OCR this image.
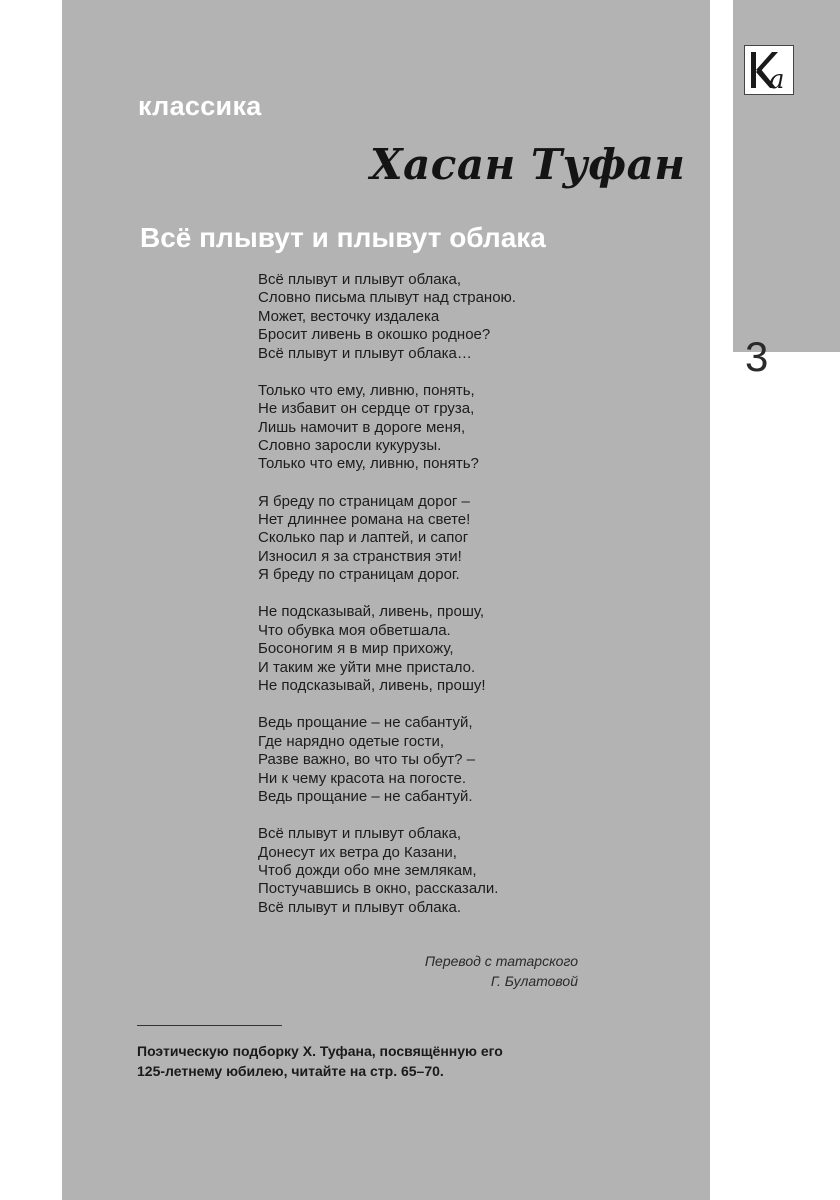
a
3
классика
Хасан Туфан
Всё плывут и плывут облака
Всё плывут и плывут облака,
Словно письма плывут над страною.
Может, весточку издалека
Бросит ливень в окошко родное?
Всё плывут и плывут облака…
Только что ему, ливню, понять,
Не избавит он сердце от груза,
Лишь намочит в дороге меня,
Словно заросли кукурузы.
Только что ему, ливню, понять?
Я бреду по страницам дорог –
Нет длиннее романа на свете!
Сколько пар и лаптей, и сапог
Износил я за странствия эти!
Я бреду по страницам дорог.
Не подсказывай, ливень, прошу,
Что обувка моя обветшала.
Босоногим я в мир прихожу,
И таким же уйти мне пристало.
Не подсказывай, ливень, прошу!
Ведь прощание – не сабантуй,
Где нарядно одетые гости,
Разве важно, во что ты обут? –
Ни к чему красота на погосте.
Ведь прощание – не сабантуй.
Всё плывут и плывут облака,
Донесут их ветра до Казани,
Чтоб дожди обо мне землякам,
Постучавшись в окно, рассказали.
Всё плывут и плывут облака.
Перевод с татарского
Г. Булатовой
Поэтическую подборку Х. Туфана, посвящённую его
125-летнему юбилею, читайте на стр. 65–70.
